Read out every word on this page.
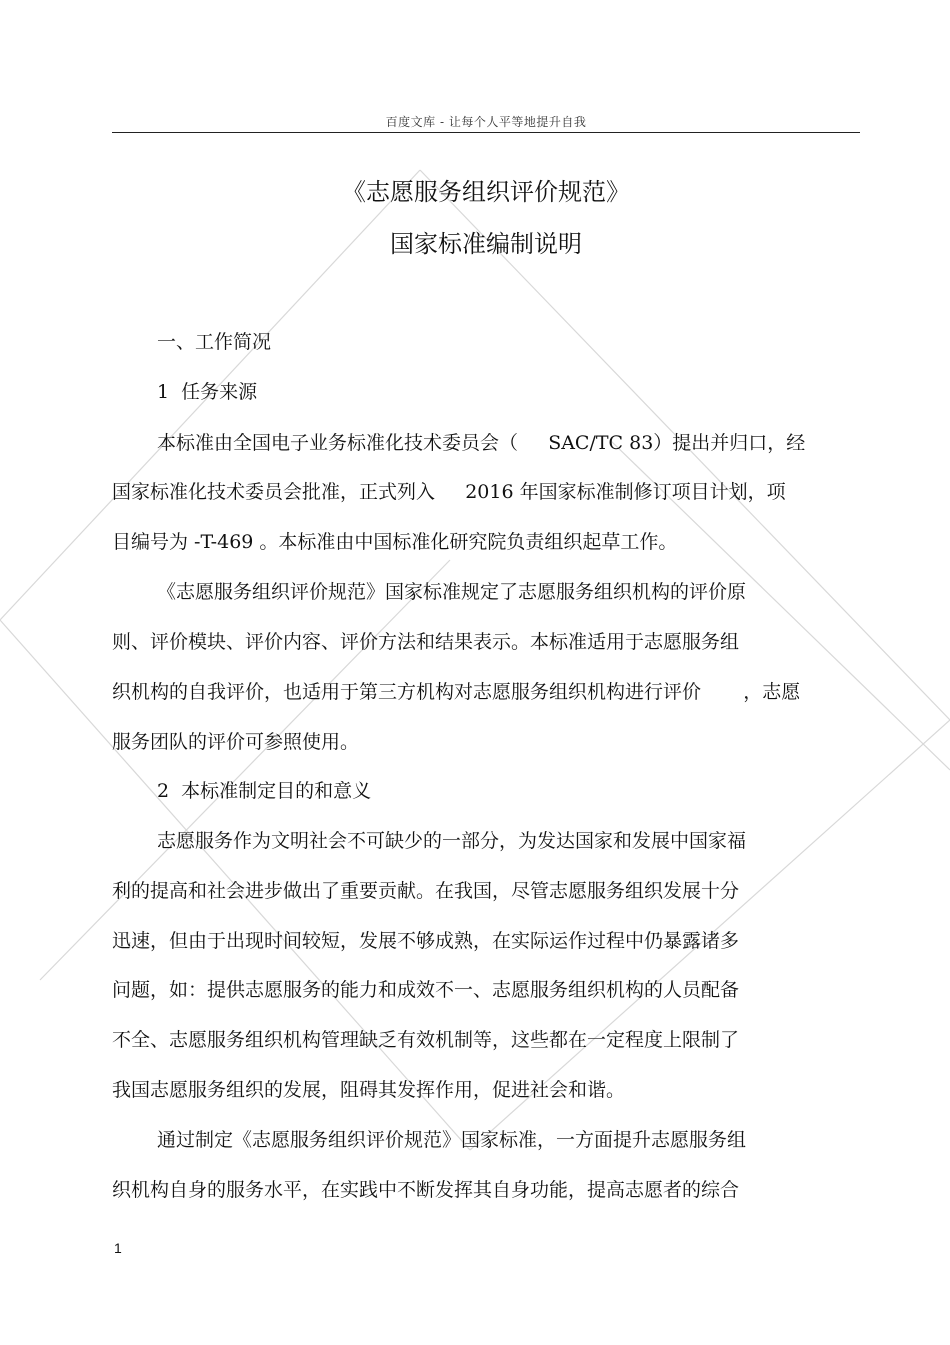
百度文库 - 让每个人平等地提升自我
《志愿服务组织评价规范》
国家标准编制说明
一、工作简况
1  任务来源
本标准由全国电子业务标准化技术委员会（     SAC/TC 83）提出并归口，经
国家标准化技术委员会批准，正式列入     2016 年国家标准制修订项目计划，项
目编号为 -T-469 。本标准由中国标准化研究院负责组织起草工作。
《志愿服务组织评价规范》国家标准规定了志愿服务组织机构的评价原
则、评价模块、评价内容、评价方法和结果表示。本标准适用于志愿服务组
织机构的自我评价，也适用于第三方机构对志愿服务组织机构进行评价       ，志愿
服务团队的评价可参照使用。
2  本标准制定目的和意义
志愿服务作为文明社会不可缺少的一部分，为发达国家和发展中国家福
利的提高和社会进步做出了重要贡献。在我国，尽管志愿服务组织发展十分
迅速，但由于出现时间较短，发展不够成熟，在实际运作过程中仍暴露诸多
问题，如：提供志愿服务的能力和成效不一、志愿服务组织机构的人员配备
不全、志愿服务组织机构管理缺乏有效机制等，这些都在一定程度上限制了
我国志愿服务组织的发展，阻碍其发挥作用，促进社会和谐。
通过制定《志愿服务组织评价规范》国家标准，一方面提升志愿服务组
织机构自身的服务水平，在实践中不断发挥其自身功能，提高志愿者的综合
1
